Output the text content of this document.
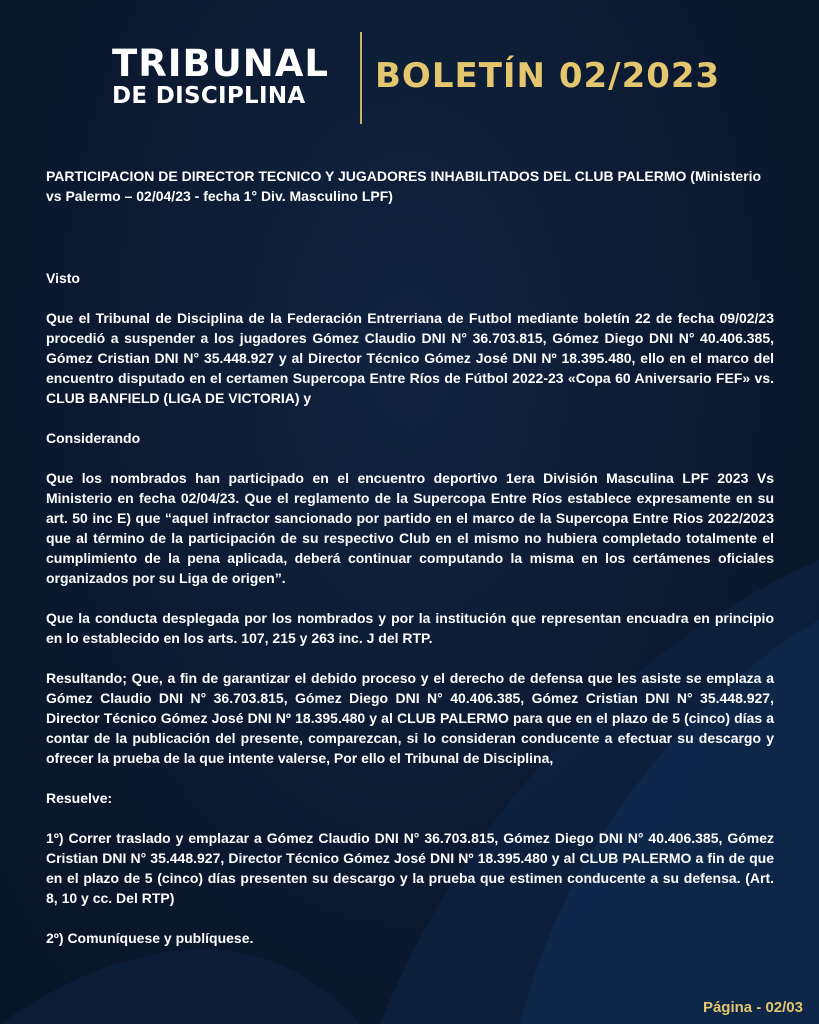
TRIBUNAL
DE DISCIPLINA BOLETÍN 02/2023

PARTICIPACION DE DIRECTOR TECNICO Y JUGADORES INHABILITADOS DEL CLUB PALERMO (Ministerio vs Palermo – 02/04/23 - fecha 1° Div. Masculino LPF)

Visto

Que el Tribunal de Disciplina de la Federación Entrerriana de Futbol mediante boletín 22 de fecha 09/02/23 procedió a suspender a los jugadores Gómez Claudio DNI N° 36.703.815, Gómez Diego DNI N° 40.406.385, Gómez Cristian DNI N° 35.448.927 y al Director Técnico Gómez José DNI Nº 18.395.480, ello en el marco del encuentro disputado en el certamen Supercopa Entre Ríos de Fútbol 2022-23 «Copa 60 Aniversario FEF» vs. CLUB BANFIELD (LIGA DE VICTORIA) y

Considerando

Que los nombrados han participado en el encuentro deportivo 1era División Masculina LPF 2023 Vs Ministerio en fecha 02/04/23. Que el reglamento de la Supercopa Entre Ríos establece expresamente en su art. 50 inc E) que “aquel infractor sancionado por partido en el marco de la Supercopa Entre Rios 2022/2023 que al término de la participación de su respectivo Club en el mismo no hubiera completado totalmente el cumplimiento de la pena aplicada, deberá continuar computando la misma en los certámenes oficiales organizados por su Liga de origen”.

Que la conducta desplegada por los nombrados y por la institución que representan encuadra en principio en lo establecido en los arts. 107, 215 y 263 inc. J del RTP.

Resultando; Que, a fin de garantizar el debido proceso y el derecho de defensa que les asiste se emplaza a Gómez Claudio DNI N° 36.703.815, Gómez Diego DNI N° 40.406.385, Gómez Cristian DNI N° 35.448.927, Director Técnico Gómez José DNI Nº 18.395.480 y al CLUB PALERMO para que en el plazo de 5 (cinco) días a contar de la publicación del presente, comparezcan, si lo consideran conducente a efectuar su descargo y ofrecer la prueba de la que intente valerse, Por ello el Tribunal de Disciplina,

Resuelve:

1º) Correr traslado y emplazar a Gómez Claudio DNI N° 36.703.815, Gómez Diego DNI N° 40.406.385, Gómez Cristian DNI N° 35.448.927, Director Técnico Gómez José DNI Nº 18.395.480 y al CLUB PALERMO a fin de que en el plazo de 5 (cinco) días presenten su descargo y la prueba que estimen conducente a su defensa. (Art. 8, 10 y cc. Del RTP)

2º) Comuníquese y publíquese.

Página - 02/03
